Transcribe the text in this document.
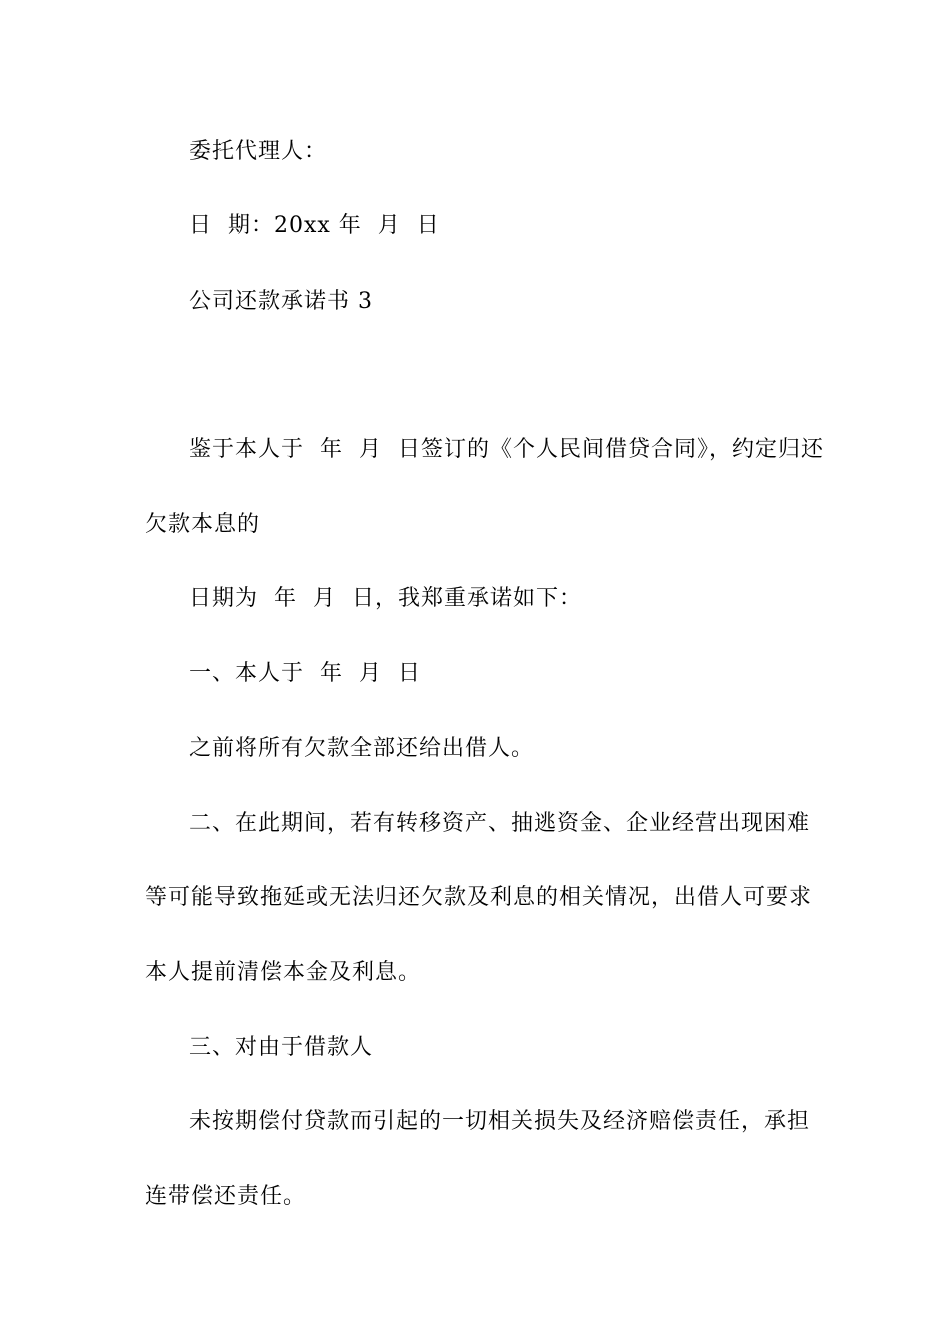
委托代理人：
日  期：20xx 年  月  日
公司还款承诺书 3
鉴于本人于  年  月  日签订的《个人民间借贷合同》，约定归还
欠款本息的
日期为  年  月  日，我郑重承诺如下：
一、本人于  年  月  日
之前将所有欠款全部还给出借人。
二、在此期间，若有转移资产、抽逃资金、企业经营出现困难
等可能导致拖延或无法归还欠款及利息的相关情况，出借人可要求
本人提前清偿本金及利息。
三、对由于借款人
未按期偿付贷款而引起的一切相关损失及经济赔偿责任，承担
连带偿还责任。
